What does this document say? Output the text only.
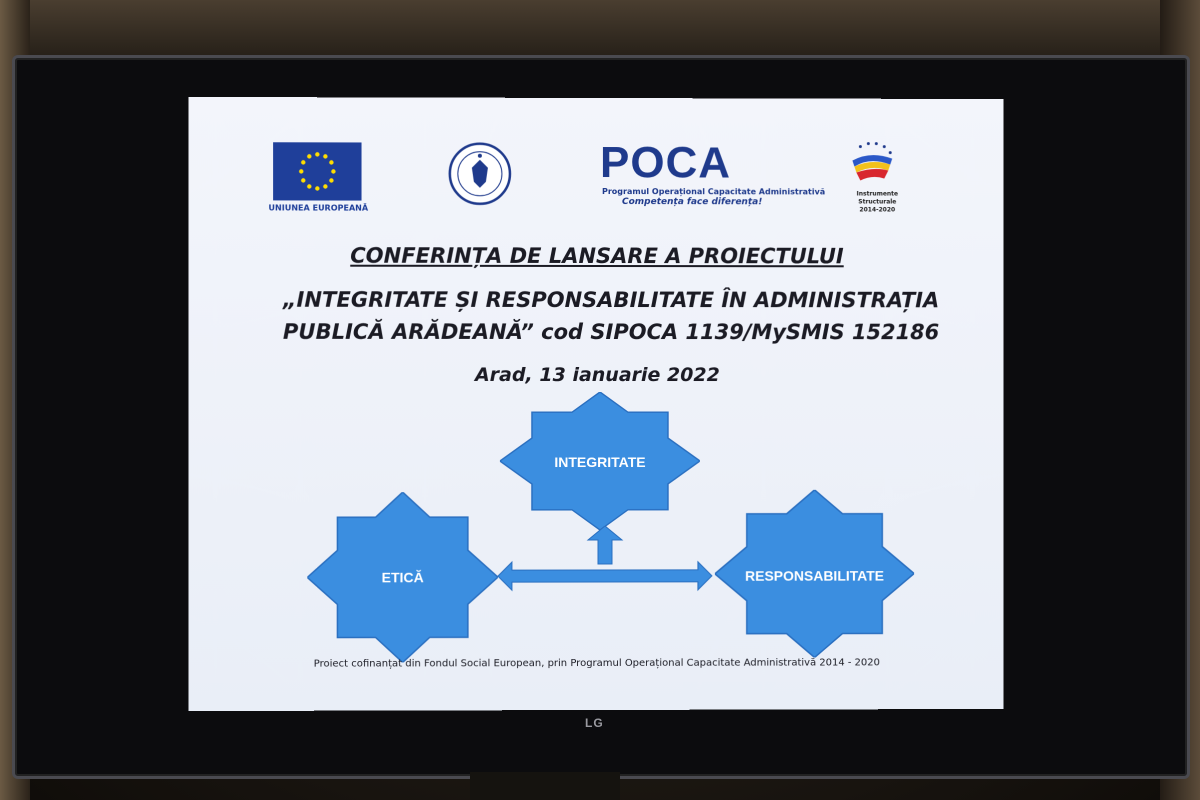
LG
UNIUNEA EUROPEANĂ
POCA
Programul Operațional Capacitate Administrativă
Competența face diferența!
Instrumente Structurale
2014-2020
CONFERINȚA DE LANSARE A PROIECTULUI
„INTEGRITATE ȘI RESPONSABILITATE ÎN ADMINISTRAȚIA
PUBLICĂ ARĂDEANĂ” cod SIPOCA 1139/MySMIS 152186
Arad, 13 ianuarie 2022
INTEGRITATE
ETICĂ	RESPONSABILITATE
Proiect cofinanțat din Fondul Social European, prin Programul Operațional Capacitate Administrativă 2014 - 2020
